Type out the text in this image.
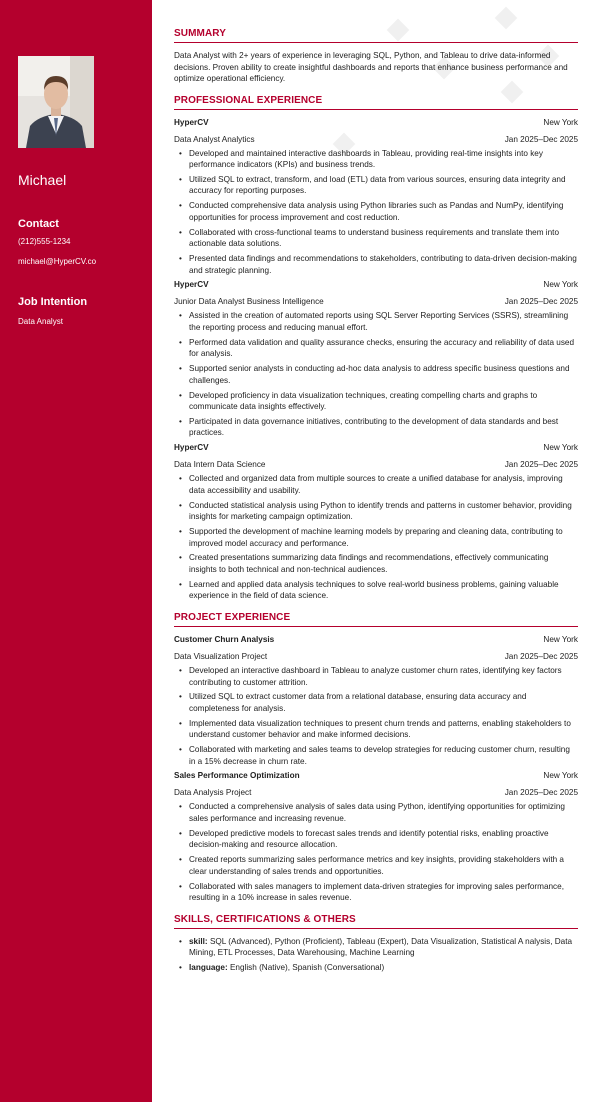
Michael
Contact
(212)555-1234
michael@HyperCV.co
Job Intention
Data Analyst
SUMMARY
Data Analyst with 2+ years of experience in leveraging SQL, Python, and Tableau to drive data-informed decisions. Proven ability to create insightful dashboards and reports that enhance business performance and optimize operational efficiency.
PROFESSIONAL EXPERIENCE
HyperCV	New York
Data Analyst Analytics	Jan 2025–Dec 2025
• Developed and maintained interactive dashboards in Tableau, providing real-time insights into key performance indicators (KPIs) and business trends.
• Utilized SQL to extract, transform, and load (ETL) data from various sources, ensuring data integrity and accuracy for reporting purposes.
• Conducted comprehensive data analysis using Python libraries such as Pandas and NumPy, identifying opportunities for process improvement and cost reduction.
• Collaborated with cross-functional teams to understand business requirements and translate them into actionable data solutions.
• Presented data findings and recommendations to stakeholders, contributing to data-driven decision-making and strategic planning.
HyperCV	New York
Junior Data Analyst Business Intelligence	Jan 2025–Dec 2025
• Assisted in the creation of automated reports using SQL Server Reporting Services (SSRS), streamlining the reporting process and reducing manual effort.
• Performed data validation and quality assurance checks, ensuring the accuracy and reliability of data used for analysis.
• Supported senior analysts in conducting ad-hoc data analysis to address specific business questions and challenges.
• Developed proficiency in data visualization techniques, creating compelling charts and graphs to communicate data insights effectively.
• Participated in data governance initiatives, contributing to the development of data standards and best practices.
HyperCV	New York
Data Intern Data Science	Jan 2025–Dec 2025
• Collected and organized data from multiple sources to create a unified database for analysis, improving data accessibility and usability.
• Conducted statistical analysis using Python to identify trends and patterns in customer behavior, providing insights for marketing campaign optimization.
• Supported the development of machine learning models by preparing and cleaning data, contributing to improved model accuracy and performance.
• Created presentations summarizing data findings and recommendations, effectively communicating insights to both technical and non-technical audiences.
• Learned and applied data analysis techniques to solve real-world business problems, gaining valuable experience in the field of data science.
PROJECT EXPERIENCE
Customer Churn Analysis	New York
Data Visualization Project	Jan 2025–Dec 2025
• Developed an interactive dashboard in Tableau to analyze customer churn rates, identifying key factors contributing to customer attrition.
• Utilized SQL to extract customer data from a relational database, ensuring data accuracy and completeness for analysis.
• Implemented data visualization techniques to present churn trends and patterns, enabling stakeholders to understand customer behavior and make informed decisions.
• Collaborated with marketing and sales teams to develop strategies for reducing customer churn, resulting in a 15% decrease in churn rate.
Sales Performance Optimization	New York
Data Analysis Project	Jan 2025–Dec 2025
• Conducted a comprehensive analysis of sales data using Python, identifying opportunities for optimizing sales performance and increasing revenue.
• Developed predictive models to forecast sales trends and identify potential risks, enabling proactive decision-making and resource allocation.
• Created reports summarizing sales performance metrics and key insights, providing stakeholders with a clear understanding of sales trends and opportunities.
• Collaborated with sales managers to implement data-driven strategies for improving sales performance, resulting in a 10% increase in sales revenue.
SKILLS, CERTIFICATIONS & OTHERS
• skill: SQL (Advanced), Python (Proficient), Tableau (Expert), Data Visualization, Statistical A nalysis, Data Mining, ETL Processes, Data Warehousing, Machine Learning
• language: English (Native), Spanish (Conversational)
